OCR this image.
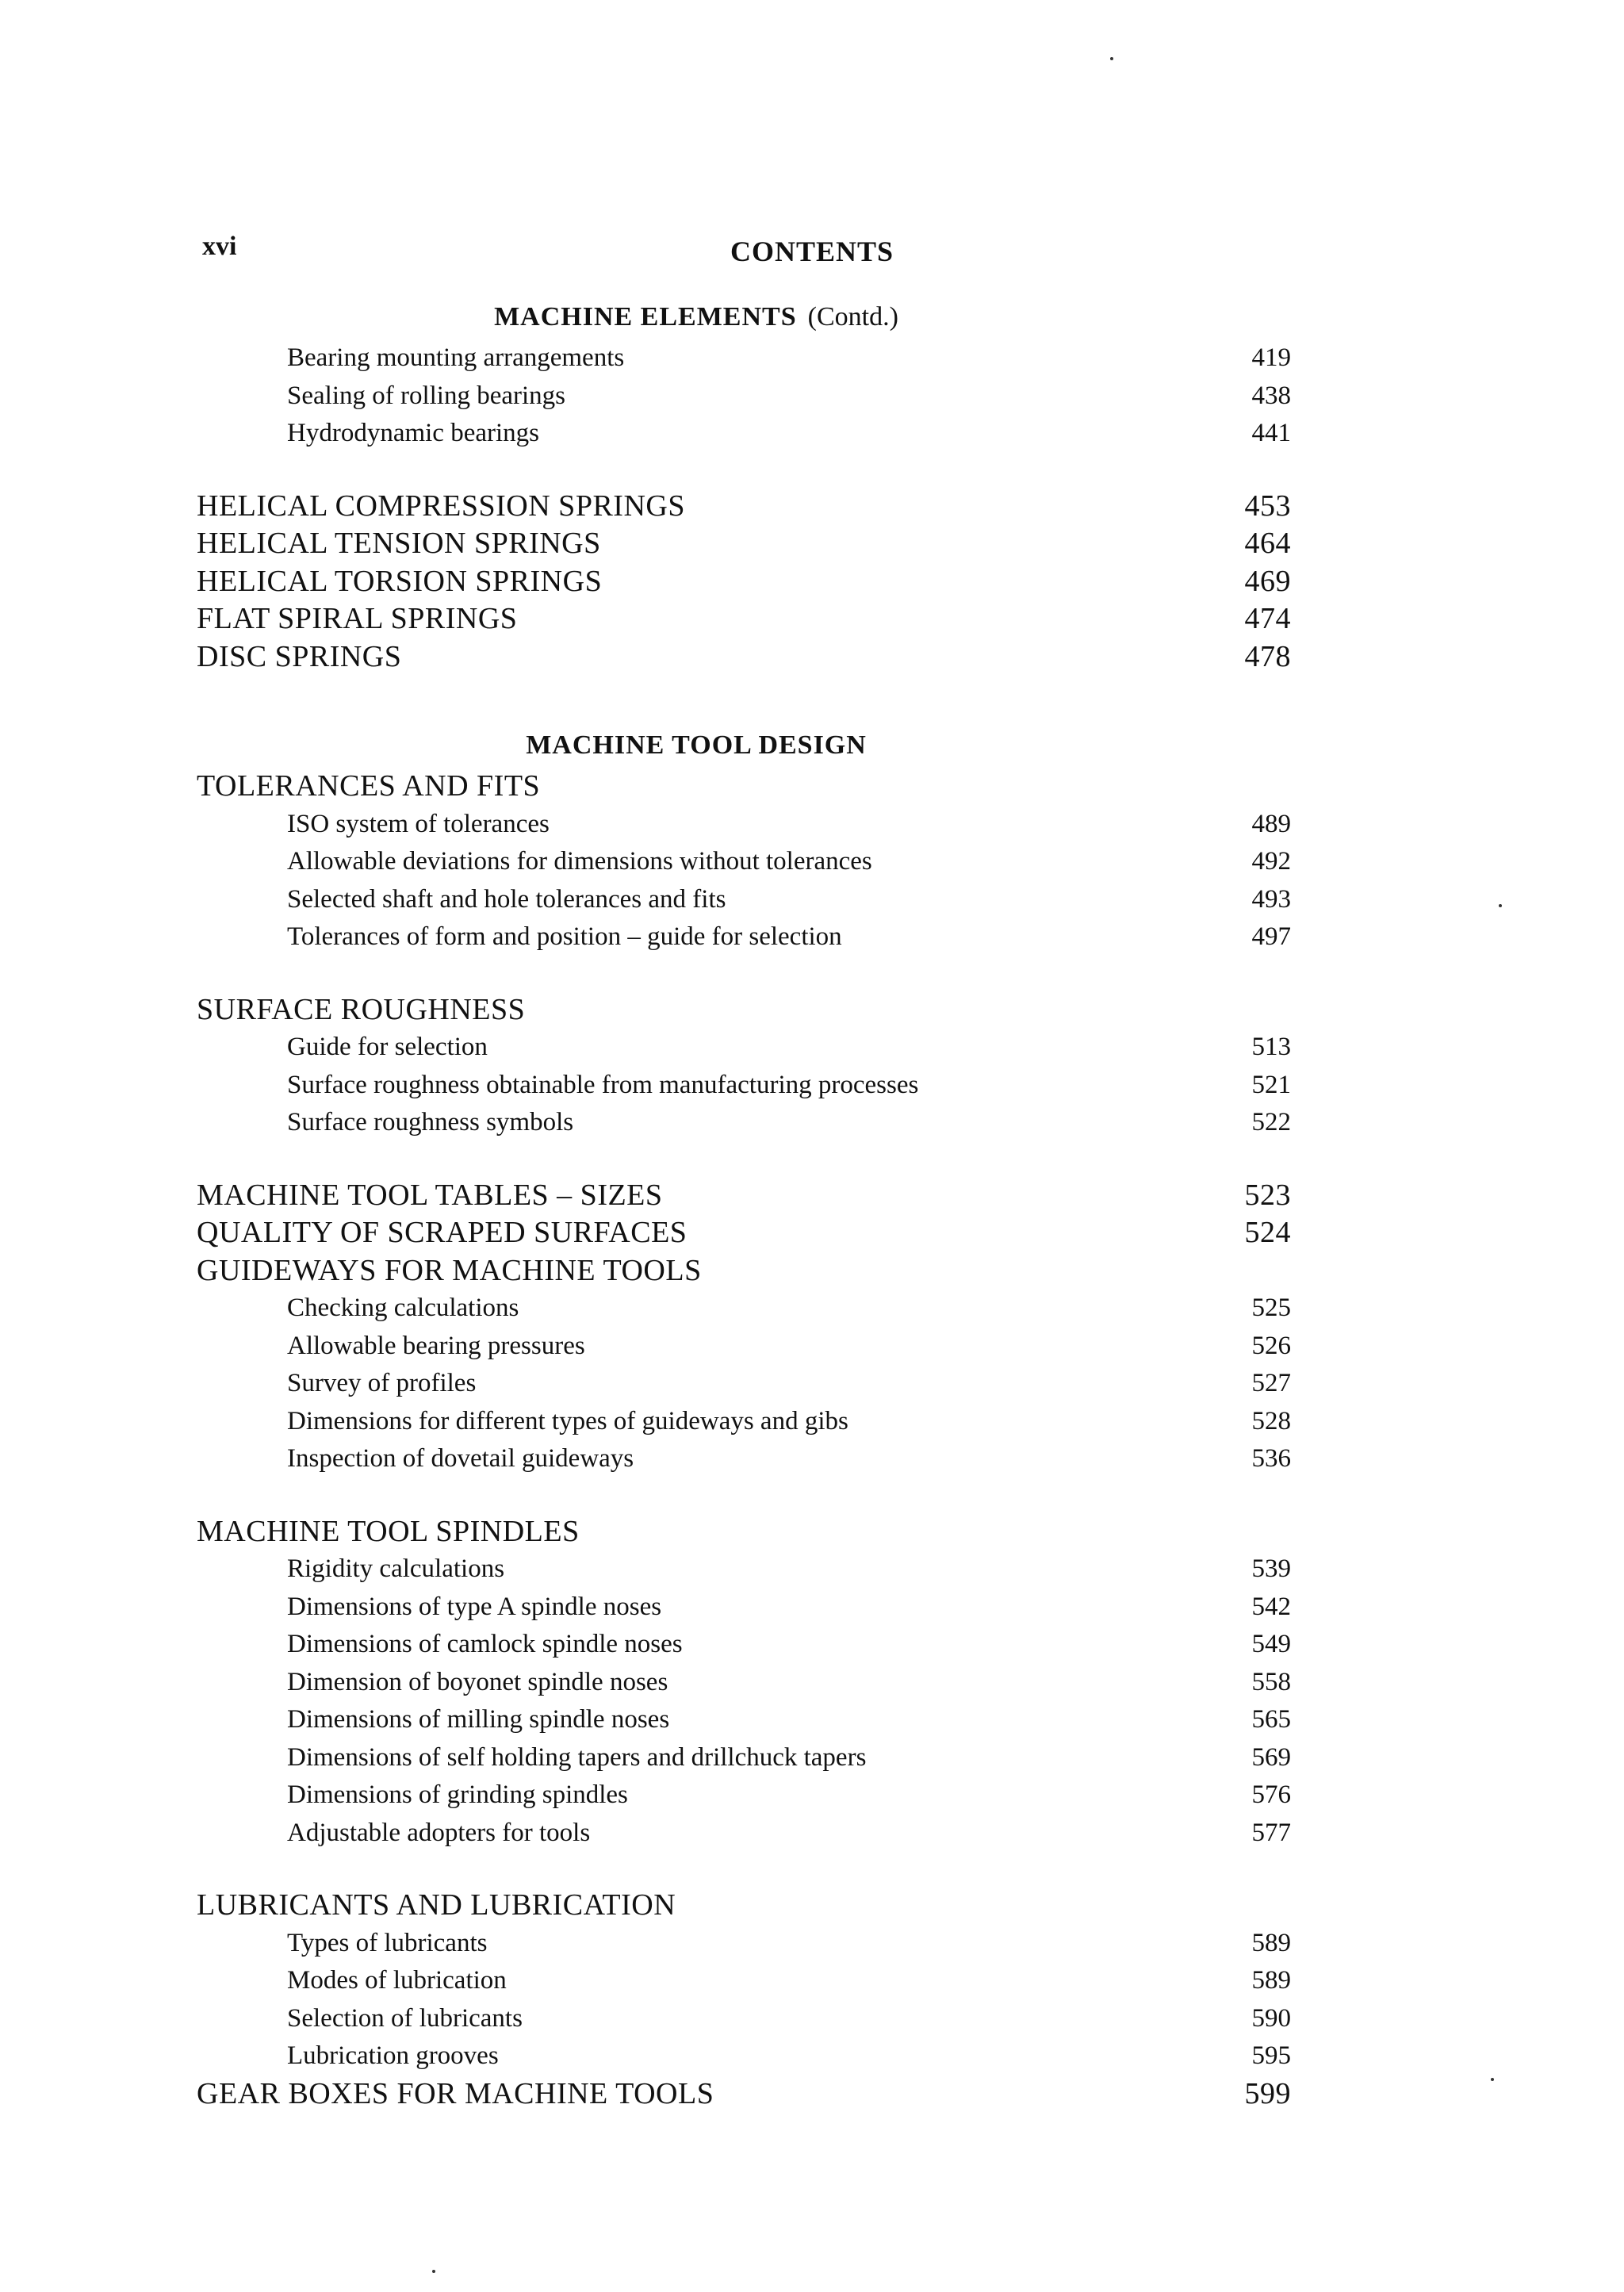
xvi	CONTENTS
MACHINE ELEMENTS (Contd.)
Bearing mounting arrangements	419
Sealing of rolling bearings	438
Hydrodynamic bearings	441
HELICAL COMPRESSION SPRINGS	453
HELICAL TENSION SPRINGS	464
HELICAL TORSION SPRINGS	469
FLAT SPIRAL SPRINGS	474
DISC SPRINGS	478
MACHINE TOOL DESIGN
TOLERANCES AND FITS
ISO system of tolerances	489
Allowable deviations for dimensions without tolerances	492
Selected shaft and hole tolerances and fits	493
Tolerances of form and position – guide for selection	497
SURFACE ROUGHNESS
Guide for selection	513
Surface roughness obtainable from manufacturing processes	521
Surface roughness symbols	522
MACHINE TOOL TABLES – SIZES	523
QUALITY OF SCRAPED SURFACES	524
GUIDEWAYS FOR MACHINE TOOLS
Checking calculations	525
Allowable bearing pressures	526
Survey of profiles	527
Dimensions for different types of guideways and gibs	528
Inspection of dovetail guideways	536
MACHINE TOOL SPINDLES
Rigidity calculations	539
Dimensions of type A spindle noses	542
Dimensions of camlock spindle noses	549
Dimension of boyonet spindle noses	558
Dimensions of milling spindle noses	565
Dimensions of self holding tapers and drillchuck tapers	569
Dimensions of grinding spindles	576
Adjustable adopters for tools	577
LUBRICANTS AND LUBRICATION
Types of lubricants	589
Modes of lubrication	589
Selection of lubricants	590
Lubrication grooves	595
GEAR BOXES FOR MACHINE TOOLS	599
